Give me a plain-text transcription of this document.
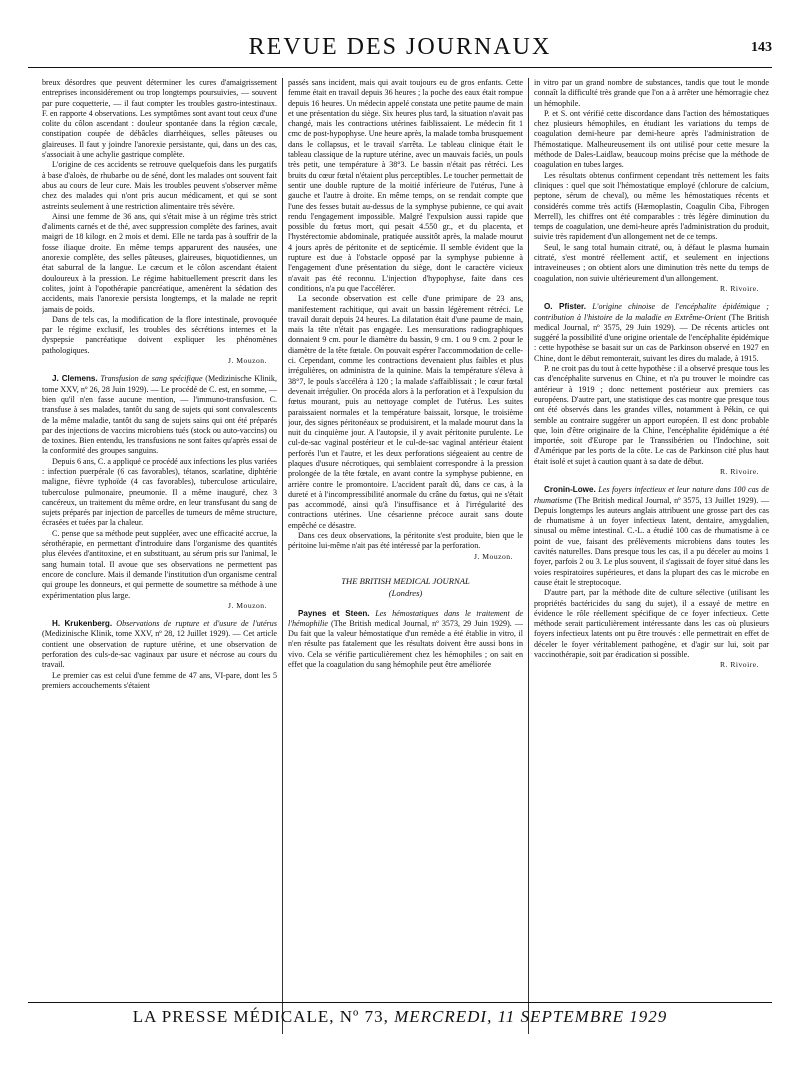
REVUE DES JOURNAUX	143

breux désordres que peuvent déterminer les cures d'amaigrissement entreprises inconsidérement ou trop longtemps poursuivies, — souvent par pure coquetterie, — il faut compter les troubles gastro-intestinaux. F. en rapporte 4 observations. Les symptômes sont avant tout ceux d'une colite du côlon ascendant : douleur spontanée dans la région cæcale, constipation coupée de débâcles diarrhéiques, selles pâteuses ou glaireuses. Il faut y joindre l'anorexie persistante, qui, dans un des cas, s'associait à une achylie gastrique complète.

L'origine de ces accidents se retrouve quelquefois dans les purgatifs à base d'aloès, de rhubarbe ou de séné, dont les malades ont souvent fait abus au cours de leur cure. Mais les troubles peuvent s'observer même chez des malades qui n'ont pris aucun médicament, et qui se sont astreints seulement à une restriction alimentaire très sévère.

Ainsi une femme de 36 ans, qui s'était mise à un régime très strict d'aliments carnés et de thé, avec suppression complète des farines, avait maigri de 18 kilogr. en 2 mois et demi. Elle ne tarda pas à souffrir de la fosse iliaque droite. En même temps apparurent des nausées, une anorexie complète, des selles pâteuses, glaireuses, biquotidiennes, un état saburral de la langue. Le cæcum et le côlon ascendant étaient douloureux à la pression. Le régime habituellement prescrit dans les colites, joint à l'opothérapie pancréatique, amenèrent la sédation des accidents, mais l'anorexie persista longtemps, et la malade ne reprit jamais de poids.

Dans de tels cas, la modification de la flore intestinale, provoquée par le régime exclusif, les troubles des sécrétions internes et la dyspepsie pancréatique doivent expliquer les phénomènes pathologiques.

J. Mouzon.

J. Clemens. Transfusion de sang spécifique (Medizinische Klinik, tome XXV, nº 26, 28 Juin 1929). — Le procédé de C. est, en somme, — bien qu'il n'en fasse aucune mention, — l'immuno-transfusion. C. transfuse à ses malades, tantôt du sang de sujets qui sont convalescents de la même maladie, tantôt du sang de sujets sains qui ont été préparés par des injections de vaccins microbiens tués (stock ou auto-vaccins) ou de toxines. Bien entendu, les transfusions ne sont faites qu'après essai de la conformité des groupes sanguins.

Depuis 6 ans, C. a appliqué ce procédé aux infections les plus variées : infection puerpérale (6 cas favorables), tétanos, scarlatine, diphtérie maligne, fièvre typhoïde (4 cas favorables), tuberculose articulaire, tuberculose pulmonaire, pneumonie. Il a même inauguré, chez 3 cancéreux, un traitement du même ordre, en leur transfusant du sang de sujets préparés par injection de parcelles de tumeurs de même structure, écrasées et tuées par la chaleur.

C. pense que sa méthode peut suppléer, avec une efficacité accrue, la sérothérapie, en permettant d'introduire dans l'organisme des quantités plus élevées d'antitoxine, et en substituant, au sérum pris sur l'animal, le sang humain total. Il avoue que ses observations ne permettent pas encore de conclure. Mais il demande l'institution d'un organisme central qui groupe les donneurs, et qui permette de soumettre sa méthode à une expérimentation plus large.

J. Mouzon.

H. Krukenberg. Observations de rupture et d'usure de l'utérus (Medizinische Klinik, tome XXV, nº 28, 12 Juillet 1929). — Cet article contient une observation de rupture utérine, et une observation de perforation des culs-de-sac vaginaux par usure et nécrose au cours du travail.

Le premier cas est celui d'une femme de 47 ans, VI-pare, dont les 5 premiers accouchements s'étaient

passés sans incident, mais qui avait toujours eu de gros enfants. Cette femme était en travail depuis 36 heures ; la poche des eaux était rompue depuis 16 heures. Un médecin appelé constata une petite paume de main et une présentation du siège. Six heures plus tard, la situation n'avait pas changé, mais les contractions utérines faiblissaient. Le médecin fit 1 cmc de post-hypophyse. Une heure après, la malade tomba brusquement dans le collapsus, et le travail s'arrêta. Le tableau clinique était le tableau classique de la rupture utérine, avec un mauvais faciès, un pouls très petit, une température à 38°3. Le bassin n'était pas rétréci. Les bruits du cœur fœtal n'étaient plus perceptibles. Le toucher permettait de sentir une double rupture de la moitié inférieure de l'utérus, l'une à gauche et l'autre à droite. En même temps, on se rendait compte que l'une des fesses butait au-dessus de la symphyse pubienne, ce qui avait rendu l'engagement impossible. Malgré l'expulsion aussi rapide que possible du fœtus mort, qui pesait 4.550 gr., et du placenta, et l'hystérectomie abdominale, pratiquée aussitôt après, la malade mourut 4 jours après de péritonite et de septicémie. Il semble évident que la rupture est due à l'obstacle opposé par la symphyse pubienne à l'engagement d'une présentation du siège, dont le caractère vicieux n'avait pas été reconnu. L'injection d'hypophyse, faite dans ces conditions, n'a pu que l'accélérer.

La seconde observation est celle d'une primipare de 23 ans, manifestement rachitique, qui avait un bassin légèrement rétréci. Le travail durait depuis 24 heures. La dilatation était d'une paume de main, mais la tête n'était pas engagée. Les mensurations radiographiques donnaient 9 cm. pour le diamètre du bassin, 9 cm. 1 ou 9 cm. 2 pour le diamètre de la tête fœtale. On pouvait espérer l'accommodation de celle-ci. Cependant, comme les contractions devenaient plus faibles et plus irrégulières, on administra de la quinine. Mais la température s'éleva à 38°7, le pouls s'accéléra à 120 ; la malade s'affaiblissait ; le cœur fœtal devenait irrégulier. On procéda alors à la perforation et à l'expulsion du fœtus mourant, puis au nettoyage complet de l'utérus. Les suites paraissaient normales et la température baissait, lorsque, le troisième jour, des signes péritonéaux se produisirent, et la malade mourut dans la nuit du cinquième jour. A l'autopsie, il y avait péritonite purulente. Le cul-de-sac vaginal postérieur et le cul-de-sac vaginal antérieur étaient perforés l'un et l'autre, et les deux perforations siégeaient au centre de plaques d'usure nécrotiques, qui semblaient correspondre à la pression prolongée de la tête fœtale, en avant contre la symphyse pubienne, en arrière contre le promontoire. L'accident paraît dû, dans ce cas, à la dureté et à l'incompressibilité anormale du crâne du fœtus, qui ne s'était pas accommodé, ainsi qu'à l'insuffisance et à l'irrégularité des contractions utérines. Une césarienne précoce aurait sans doute empêché ce désastre.

Dans ces deux observations, la péritonite s'est produite, bien que le péritoine lui-même n'ait pas été intéressé par la perforation.

J. Mouzon.
THE BRITISH MEDICAL JOURNAL
(Londres)

Paynes et Steen. Les hémostatiques dans le traitement de l'hémophilie (The British medical Journal, nº 3573, 29 Juin 1929). — Du fait que la valeur hémostatique d'un remède a été établie in vitro, il n'en résulte pas fatalement que les résultats doivent être aussi bons in vivo. Cela se vérifie particulièrement chez les hémophiles ; on sait en effet que la coagulation du sang hémophile peut être améliorée

in vitro par un grand nombre de substances, tandis que tout le monde connaît la difficulté très grande que l'on a à arrêter une hémorragie chez un hémophile.

P. et S. ont vérifié cette discordance dans l'action des hémostatiques chez plusieurs hémophiles, en étudiant les variations du temps de coagulation demi-heure par demi-heure après l'administration de l'hémostatique. Malheureusement ils ont utilisé pour cette mesure la méthode de Dales-Laidlaw, beaucoup moins précise que la méthode de coagulation en tubes larges.

Les résultats obtenus confirment cependant très nettement les faits cliniques : quel que soit l'hémostatique employé (chlorure de calcium, peptone, sérum de cheval), ou même les hémostatiques récents et considérés comme très actifs (Hæmoplastin, Coagulin Ciba, Fibrogen Merrell), les chiffres ont été comparables : très légère diminution du temps de coagulation, une demi-heure après l'administration du produit, suivie très rapidement d'un allongement net de ce temps.

Seul, le sang total humain citraté, ou, à défaut le plasma humain citraté, s'est montré réellement actif, et seulement en injections intraveineuses ; on obtient alors une diminution très nette du temps de coagulation, non suivie ultérieurement d'un allongement.

R. Rivoire.

O. Pfister. L'origine chinoise de l'encéphalite épidémique ; contribution à l'histoire de la maladie en Extrême-Orient (The British medical Journal, nº 3575, 29 Juin 1929). — De récents articles ont suggéré la possibilité d'une origine orientale de l'encéphalite épidémique : cette hypothèse se basait sur un cas de Parkinson observé en 1927 en Chine, dont le début remonterait, suivant les dires du malade, à 1915.

P. ne croit pas du tout à cette hypothèse : il a observé presque tous les cas d'encéphalite survenus en Chine, et n'a pu trouver le moindre cas antérieur à 1919 ; donc nettement postérieur aux premiers cas européens. D'autre part, une statistique des cas montre que presque tous ont été observés dans les grandes villes, notamment à Pékin, ce qui semble au contraire suggérer un apport européen. Il est donc probable que, loin d'être originaire de la Chine, l'encéphalite épidémique a été importée, soit d'Europe par le Transsibérien ou l'Indochine, soit d'Amérique par les ports de la côte. Le cas de Parkinson cité plus haut était isolé et sujet à caution quant à sa date de début.

R. Rivoire.

Cronin-Lowe. Les foyers infectieux et leur nature dans 100 cas de rhumatisme (The British medical Journal, nº 3575, 13 Juillet 1929). — Depuis longtemps les auteurs anglais attribuent une grosse part des cas de rhumatisme à un foyer infectieux latent, dentaire, amygdalien, sinusal ou même intestinal. C.-L. a étudié 100 cas de rhumatisme à ce point de vue, faisant des prélèvements microbiens dans toutes les cavités naturelles. Dans presque tous les cas, il a pu déceler au moins 1 foyer, parfois 2 ou 3. Le plus souvent, il s'agissait de foyer situé dans les voies respiratoires supérieures, et dans la plupart des cas le microbe en cause était le streptocoque.

D'autre part, par la méthode dite de culture sélective (utilisant les propriétés bactéricides du sang du sujet), il a essayé de mettre en évidence le rôle réellement spécifique de ce foyer infectieux. Cette méthode serait particulièrement intéressante dans les cas où plusieurs foyers infectieux latents ont pu être trouvés : elle permettrait en effet de déceler le foyer véritablement pathogène, et d'agir sur lui, soit par vaccinothérapie, soit par éradication si possible.

R. Rivoire.
LA PRESSE MÉDICALE, Nº 73, MERCREDI, 11 SEPTEMBRE 1929
